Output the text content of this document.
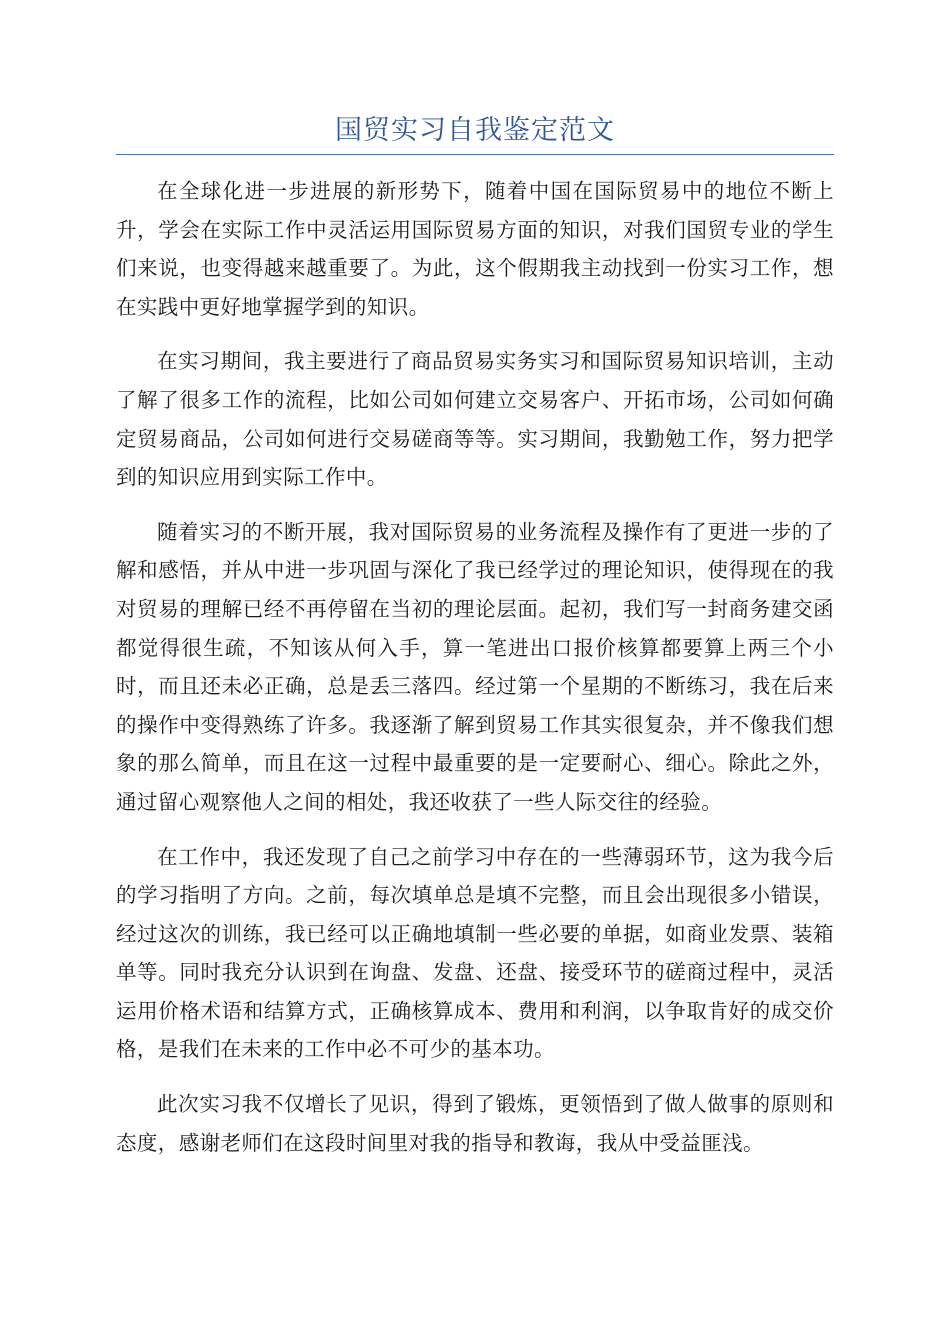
国贸实习自我鉴定范文

在全球化进一步进展的新形势下，随着中国在国际贸易中的地位不断上升，学会在实际工作中灵活运用国际贸易方面的知识，对我们国贸专业的学生们来说，也变得越来越重要了。为此，这个假期我主动找到一份实习工作，想在实践中更好地掌握学到的知识。

在实习期间，我主要进行了商品贸易实务实习和国际贸易知识培训，主动了解了很多工作的流程，比如公司如何建立交易客户、开拓市场，公司如何确定贸易商品，公司如何进行交易磋商等等。实习期间，我勤勉工作，努力把学到的知识应用到实际工作中。

随着实习的不断开展，我对国际贸易的业务流程及操作有了更进一步的了解和感悟，并从中进一步巩固与深化了我已经学过的理论知识，使得现在的我对贸易的理解已经不再停留在当初的理论层面。起初，我们写一封商务建交函都觉得很生疏，不知该从何入手，算一笔进出口报价核算都要算上两三个小时，而且还未必正确，总是丢三落四。经过第一个星期的不断练习，我在后来的操作中变得熟练了许多。我逐渐了解到贸易工作其实很复杂，并不像我们想象的那么简单，而且在这一过程中最重要的是一定要耐心、细心。除此之外，通过留心观察他人之间的相处，我还收获了一些人际交往的经验。

在工作中，我还发现了自己之前学习中存在的一些薄弱环节，这为我今后的学习指明了方向。之前，每次填单总是填不完整，而且会出现很多小错误，经过这次的训练，我已经可以正确地填制一些必要的单据，如商业发票、装箱单等。同时我充分认识到在询盘、发盘、还盘、接受环节的磋商过程中，灵活运用价格术语和结算方式，正确核算成本、费用和利润，以争取肯好的成交价格，是我们在未来的工作中必不可少的基本功。

此次实习我不仅增长了见识，得到了锻炼，更领悟到了做人做事的原则和态度，感谢老师们在这段时间里对我的指导和教诲，我从中受益匪浅。
